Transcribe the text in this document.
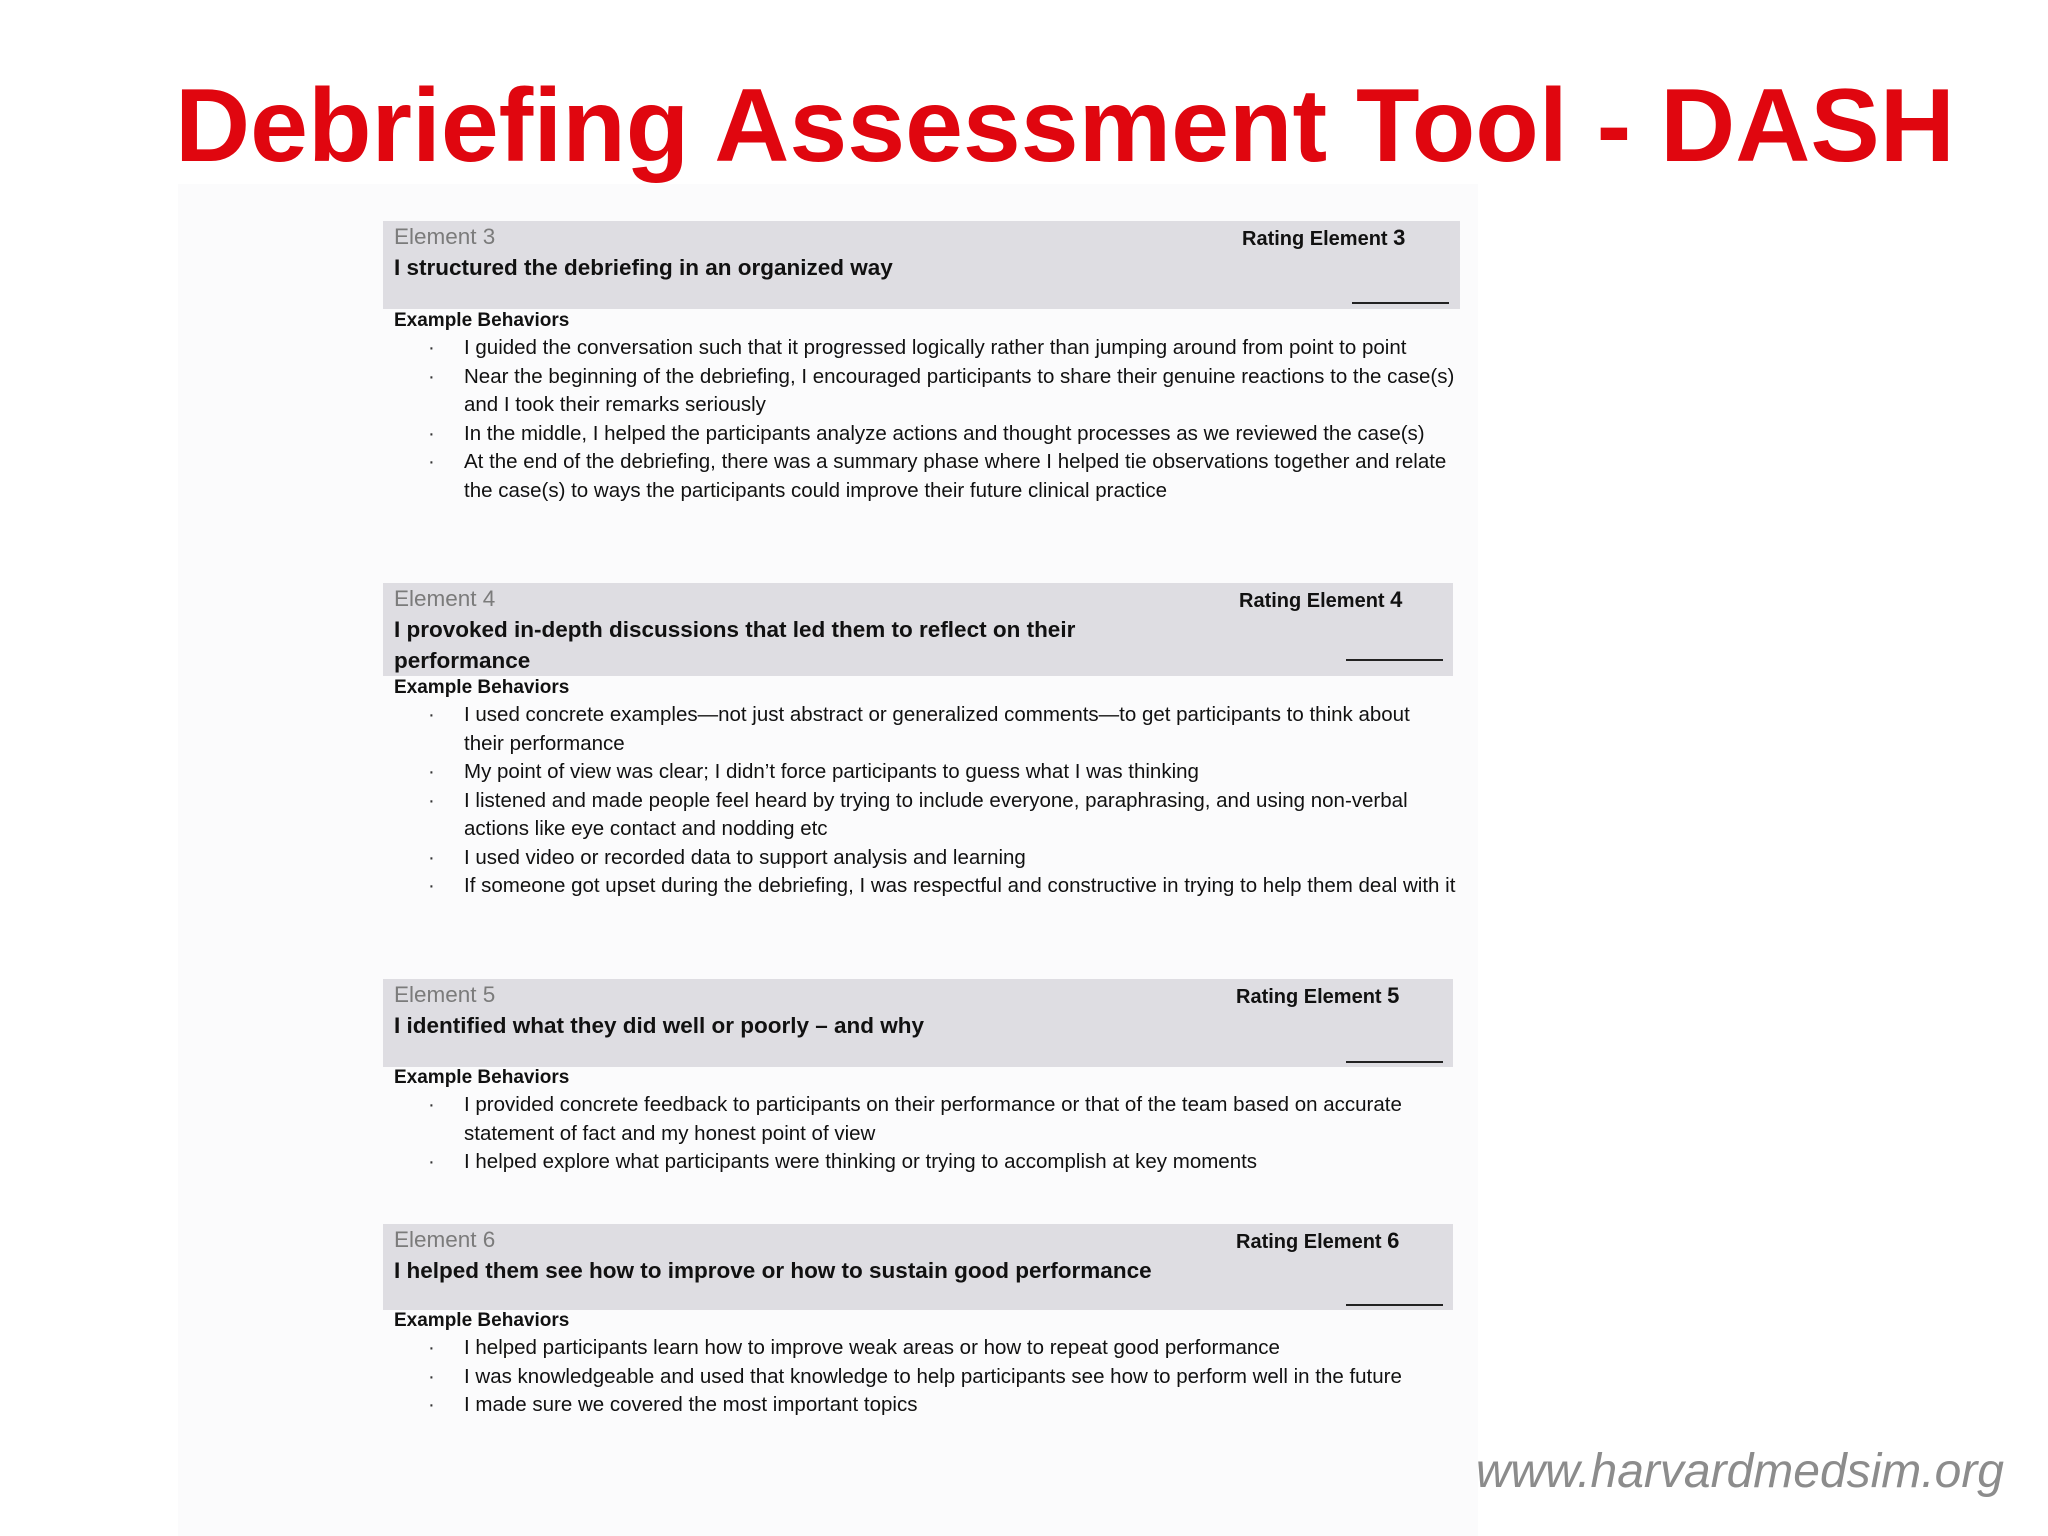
Debriefing Assessment Tool - DASH
Element 3
I structured the debriefing in an organized way
Rating Element 3
Example Behaviors
· I guided the conversation such that it progressed logically rather than jumping around from point to point
· Near the beginning of the debriefing, I encouraged participants to share their genuine reactions to the case(s) and I took their remarks seriously
· In the middle, I helped the participants analyze actions and thought processes as we reviewed the case(s)
· At the end of the debriefing, there was a summary phase where I helped tie observations together and relate the case(s) to ways the participants could improve their future clinical practice
Element 4
I provoked in-depth discussions that led them to reflect on their performance
Rating Element 4
Example Behaviors
· I used concrete examples—not just abstract or generalized comments—to get participants to think about their performance
· My point of view was clear; I didn’t force participants to guess what I was thinking
· I listened and made people feel heard by trying to include everyone, paraphrasing, and using non-verbal actions like eye contact and nodding etc
· I used video or recorded data to support analysis and learning
· If someone got upset during the debriefing, I was respectful and constructive in trying to help them deal with it
Element 5
I identified what they did well or poorly – and why
Rating Element 5
Example Behaviors
· I provided concrete feedback to participants on their performance or that of the team based on accurate statement of fact and my honest point of view
· I helped explore what participants were thinking or trying to accomplish at key moments
Element 6
I helped them see how to improve or how to sustain good performance
Rating Element 6
Example Behaviors
· I helped participants learn how to improve weak areas or how to repeat good performance
· I was knowledgeable and used that knowledge to help participants see how to perform well in the future
· I made sure we covered the most important topics
www.harvardmedsim.org
